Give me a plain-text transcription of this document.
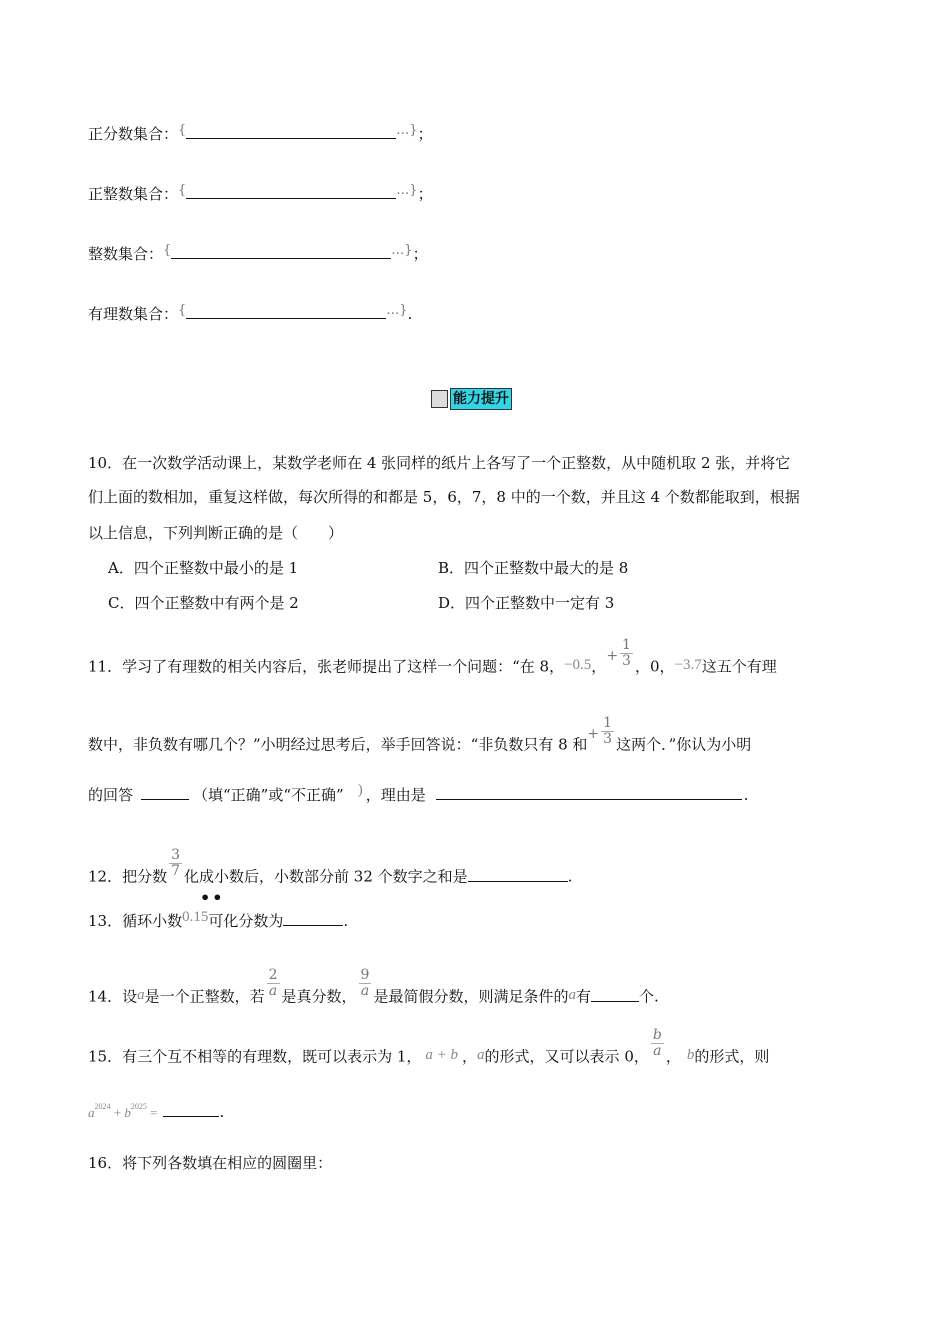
正分数集合：{	…}；
正整数集合：{	…}；
整数集合：{	…}；
有理数集合：{	…}.
能力提升
10．在一次数学活动课上，某数学老师在 4 张同样的纸片上各写了一个正整数，从中随机取 2 张，并将它
们上面的数相加，重复这样做，每次所得的和都是 5，6，7，8 中的一个数，并且这 4 个数都能取到，根据
以上信息，下列判断正确的是（　　）
A．四个正整数中最小的是 1	B．四个正整数中最大的是 8
C．四个正整数中有两个是 2	D．四个正整数中一定有 3
11．学习了有理数的相关内容后，张老师提出了这样一个问题：“在 8，−0.5，+ $\frac{1}{3}$ ，0，−3.7这五个有理
数中，非负数有哪几个？”小明经过思考后，举手回答说：“非负数只有 8 和+ $\frac{1}{3}$ 这两个．”你认为小明
的回答	（填“正确”或“不正确” ) ，理由是	.
12．把分数 $\frac{3}{7}$ 化成小数后，小数部分前 32 个数字之和是	.
••
13．循环小数0.15可化分数为	.
14．设a是一个正整数，若 $\frac{2}{a}$ 是真分数， $\frac{9}{a}$ 是最简假分数，则满足条件的a有	个.
15．有三个互不相等的有理数，既可以表示为 1， a + b ，a的形式，又可以表示 0， $\frac{b}{a}$ ， b的形式，则
$a^{2024} + b^{2025}$ =	.
16．将下列各数填在相应的圆圈里：
